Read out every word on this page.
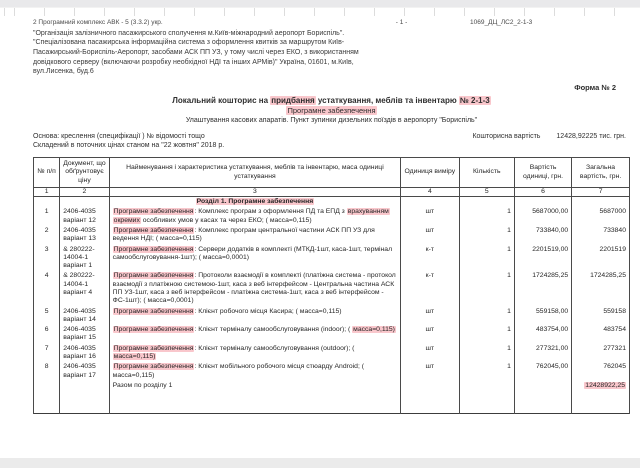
2 Програмний комплекс АВК - 5 (3.3.2) укр.	- 1 -	1069_ДЦ_ЛС2_2-1-3
"Організація залізничного пасажирського сполучення м.Київ-міжнародний аеропорт Бориспіль". "Спеціалізована пасажирська інформаційна система з оформлення квитків за маршрутом Київ-Пасажирський-Бориспіль-Аеропорт, засобами АСК ПП УЗ, у тому числі через ЕКО, з використанням довідкового серверу (включаючи розробку необхідної НДІ та інших АРМів)" Україна, 01601, м.Київ, вул.Лисенка, буд.6
Форма № 2
Локальний кошторис на придбання устаткування, меблів та інвентарю № 2-1-3
Програмне забезпечення
Улаштування касових апаратів. Пункт зупинки дизельних поїздів в аеропорту "Бориспіль"
Основа: креслення (специфікації ) № відомості тощо	Кошторисна вартість 12428,92225 тис. грн.
Складений в поточних цінах станом на "22 жовтня" 2018 р.
№ п/п	Документ, що обґрунтовує ціну	Найменування і характеристика устаткування, меблів та інвентарю, маса одиниці устаткування	Одиниця виміру	Кількість	Вартість одиниці, грн.	Загальна вартість, грн.
1	2	3	4	5	6	7
		Розділ 1. Програмне забезпечення				
1	2406-4035 варіант 12	Програмне забезпечення: Комплекс програм з оформлення ПД та ЕПД з врахуванням окремих особливих умов у касах та через ЕКО; ( масса=0,115)	шт	1	5687000,00	5687000
2	2406-4035 варіант 13	Програмне забезпечення: Комплекс програм центральної частини АСК ПП УЗ для ведення НДІ; ( масса=0,115)	шт	1	733840,00	733840
3	& 280222-14004-1 варіант 1	Програмне забезпечення: Сервери додатків в комплекті (МТКД-1шт, каса-1шт, термінал самообслуговування-1шт); ( масса=0,0001)	к-т	1	2201519,00	2201519
4	& 280222-14004-1 варіант 4	Програмне забезпечення: Протоколи взаємодії в комплекті (платіжна система - протокол взаємодії з платіжною системою-1шт, каса з веб інтерфейсом - Центральна частина АСК ПП УЗ-1шт, каса з веб інтерфейсом - платіжна система-1шт, каса з веб інтерфейсом - ФС-1шт); ( масса=0,0001)	к-т	1	1724285,25	1724285,25
5	2406-4035 варіант 14	Програмне забезпечення: Клієнт робочого місця Касира; ( масса=0,115)	шт	1	559158,00	559158
6	2406-4035 варіант 15	Програмне забезпечення: Клієнт терміналу самообслуговування (indoor); ( масса=0,115)	шт	1	483754,00	483754
7	2406-4035 варіант 16	Програмне забезпечення: Клієнт терміналу самообслуговування (outdoor); ( масса=0,115)	шт	1	277321,00	277321
8	2406-4035 варіант 17	Програмне забезпечення: Клієнт мобільного робочого місця стюарду Android; ( масса=0,115)	шт	1	762045,00	762045
		Разом по розділу 1				12428922,25
